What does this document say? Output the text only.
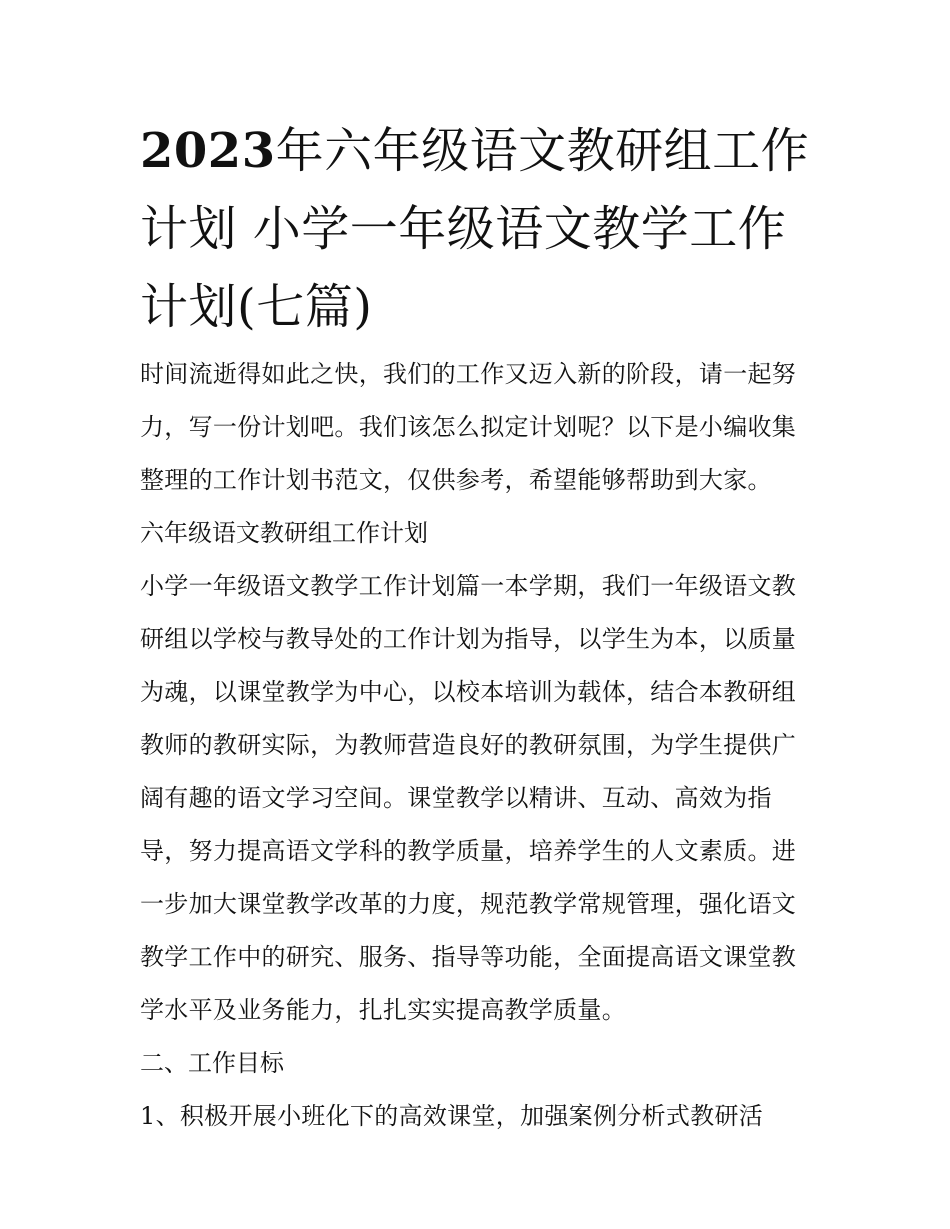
2023年六年级语文教研组工作
计划 小学一年级语文教学工作
计划(七篇)
时间流逝得如此之快，我们的工作又迈入新的阶段，请一起努
力，写一份计划吧。我们该怎么拟定计划呢？以下是小编收集
整理的工作计划书范文，仅供参考，希望能够帮助到大家。
六年级语文教研组工作计划
小学一年级语文教学工作计划篇一本学期，我们一年级语文教
研组以学校与教导处的工作计划为指导，以学生为本，以质量
为魂，以课堂教学为中心，以校本培训为载体，结合本教研组
教师的教研实际，为教师营造良好的教研氛围，为学生提供广
阔有趣的语文学习空间。课堂教学以精讲、互动、高效为指
导，努力提高语文学科的教学质量，培养学生的人文素质。进
一步加大课堂教学改革的力度，规范教学常规管理，强化语文
教学工作中的研究、服务、指导等功能，全面提高语文课堂教
学水平及业务能力，扎扎实实提高教学质量。
二、工作目标
1、积极开展小班化下的高效课堂，加强案例分析式教研活
